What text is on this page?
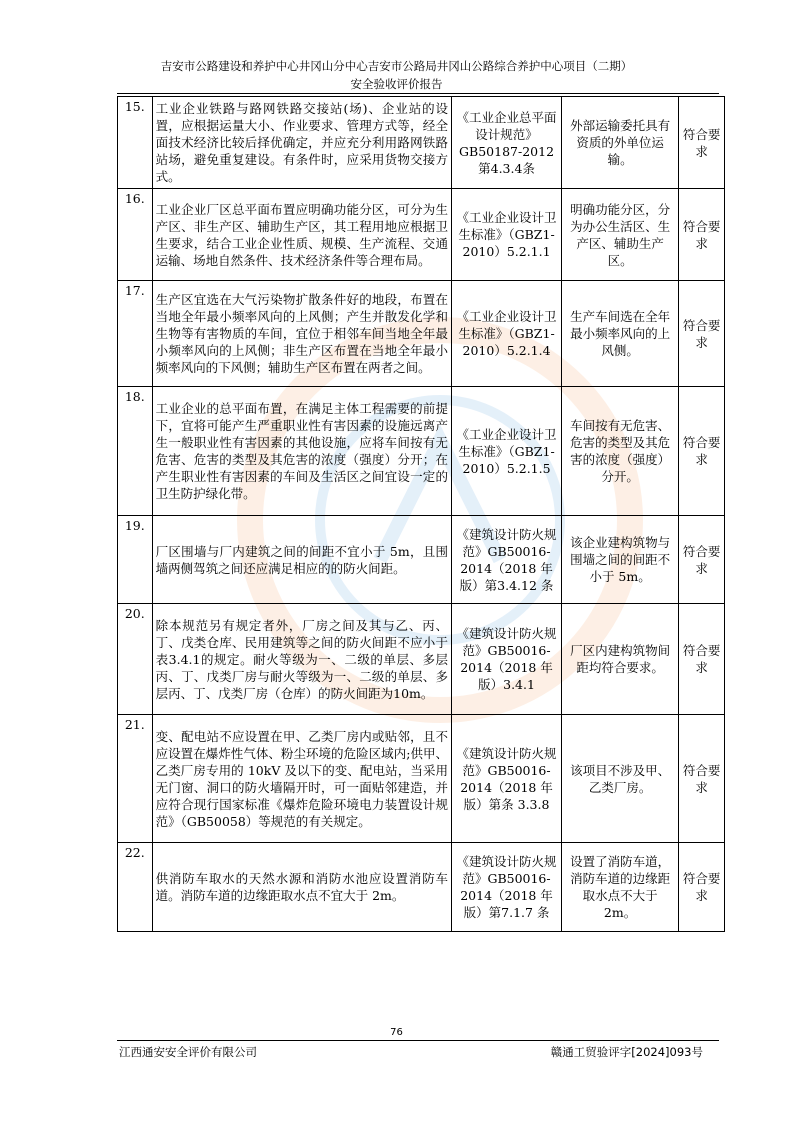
吉安市公路建设和养护中心井冈山分中心吉安市公路局井冈山公路综合养护中心项目（二期）
安全验收评价报告
15.	工业企业铁路与路网铁路交接站(场)、企业站的设置，应根据运量大小、作业要求、管理方式等，经全面技术经济比较后择优确定，并应充分利用路网铁路站场，避免重复建设。有条件时，应采用货物交接方式。	《工业企业总平面设计规范》GB50187-2012第4.3.4条	外部运输委托具有资质的外单位运输。	符合要求
16.	工业企业厂区总平面布置应明确功能分区，可分为生产区、非生产区、辅助生产区，其工程用地应根据卫生要求，结合工业企业性质、规模、生产流程、交通运输、场地自然条件、技术经济条件等合理布局。	《工业企业设计卫生标准》（GBZ1-2010）5.2.1.1	明确功能分区，分为办公生活区、生产区、辅助生产区。	符合要求
17.	生产区宜选在大气污染物扩散条件好的地段，布置在当地全年最小频率风向的上风侧；产生并散发化学和生物等有害物质的车间，宜位于相邻车间当地全年最小频率风向的上风侧；非生产区布置在当地全年最小频率风向的下风侧；辅助生产区布置在两者之间。	《工业企业设计卫生标准》（GBZ1-2010）5.2.1.4	生产车间选在全年最小频率风向的上风侧。	符合要求
18.	工业企业的总平面布置，在满足主体工程需要的前提下，宜将可能产生严重职业性有害因素的设施远离产生一般职业性有害因素的其他设施，应将车间按有无危害、危害的类型及其危害的浓度（强度）分开；在产生职业性有害因素的车间及生活区之间宜设一定的卫生防护绿化带。	《工业企业设计卫生标准》（GBZ1-2010）5.2.1.5	车间按有无危害、危害的类型及其危害的浓度（强度）分开。	符合要求
19.	厂区围墙与厂内建筑之间的间距不宜小于 5m，且围墙两侧驾筑之间还应满足相应的的防火间距。	《建筑设计防火规范》GB50016-2014（2018 年版）第3.4.12 条	该企业建构筑物与围墙之间的间距不小于 5m。	符合要求
20.	除本规范另有规定者外，厂房之间及其与乙、丙、丁、戊类仓库、民用建筑等之间的防火间距不应小于表3.4.1的规定。耐火等级为一、二级的单层、多层丙、丁、戊类厂房与耐火等级为一、二级的单层、多层丙、丁、戊类厂房（仓库）的防火间距为10m。	《建筑设计防火规范》GB50016-2014（2018 年版）3.4.1	厂区内建构筑物间距均符合要求。	符合要求
21.	变、配电站不应设置在甲、乙类厂房内或贴邻，且不应设置在爆炸性气体、粉尘环境的危险区域内;供甲、乙类厂房专用的 10kV 及以下的变、配电站，当采用无门窗、洞口的防火墙隔开时，可一面贴邻建造，并应符合现行国家标准《爆炸危险环境电力装置设计规范》（GB50058）等规范的有关规定。	《建筑设计防火规范》GB50016-2014（2018 年版）第条 3.3.8	该项目不涉及甲、乙类厂房。	符合要求
22.	供消防车取水的天然水源和消防水池应设置消防车道。消防车道的边缘距取水点不宜大于 2m。	《建筑设计防火规范》GB50016-2014（2018 年版）第7.1.7 条	设置了消防车道，消防车道的边缘距取水点不大于 2m。	符合要求
76
江西通安安全评价有限公司	赣通工贸验评字[2024]093号
